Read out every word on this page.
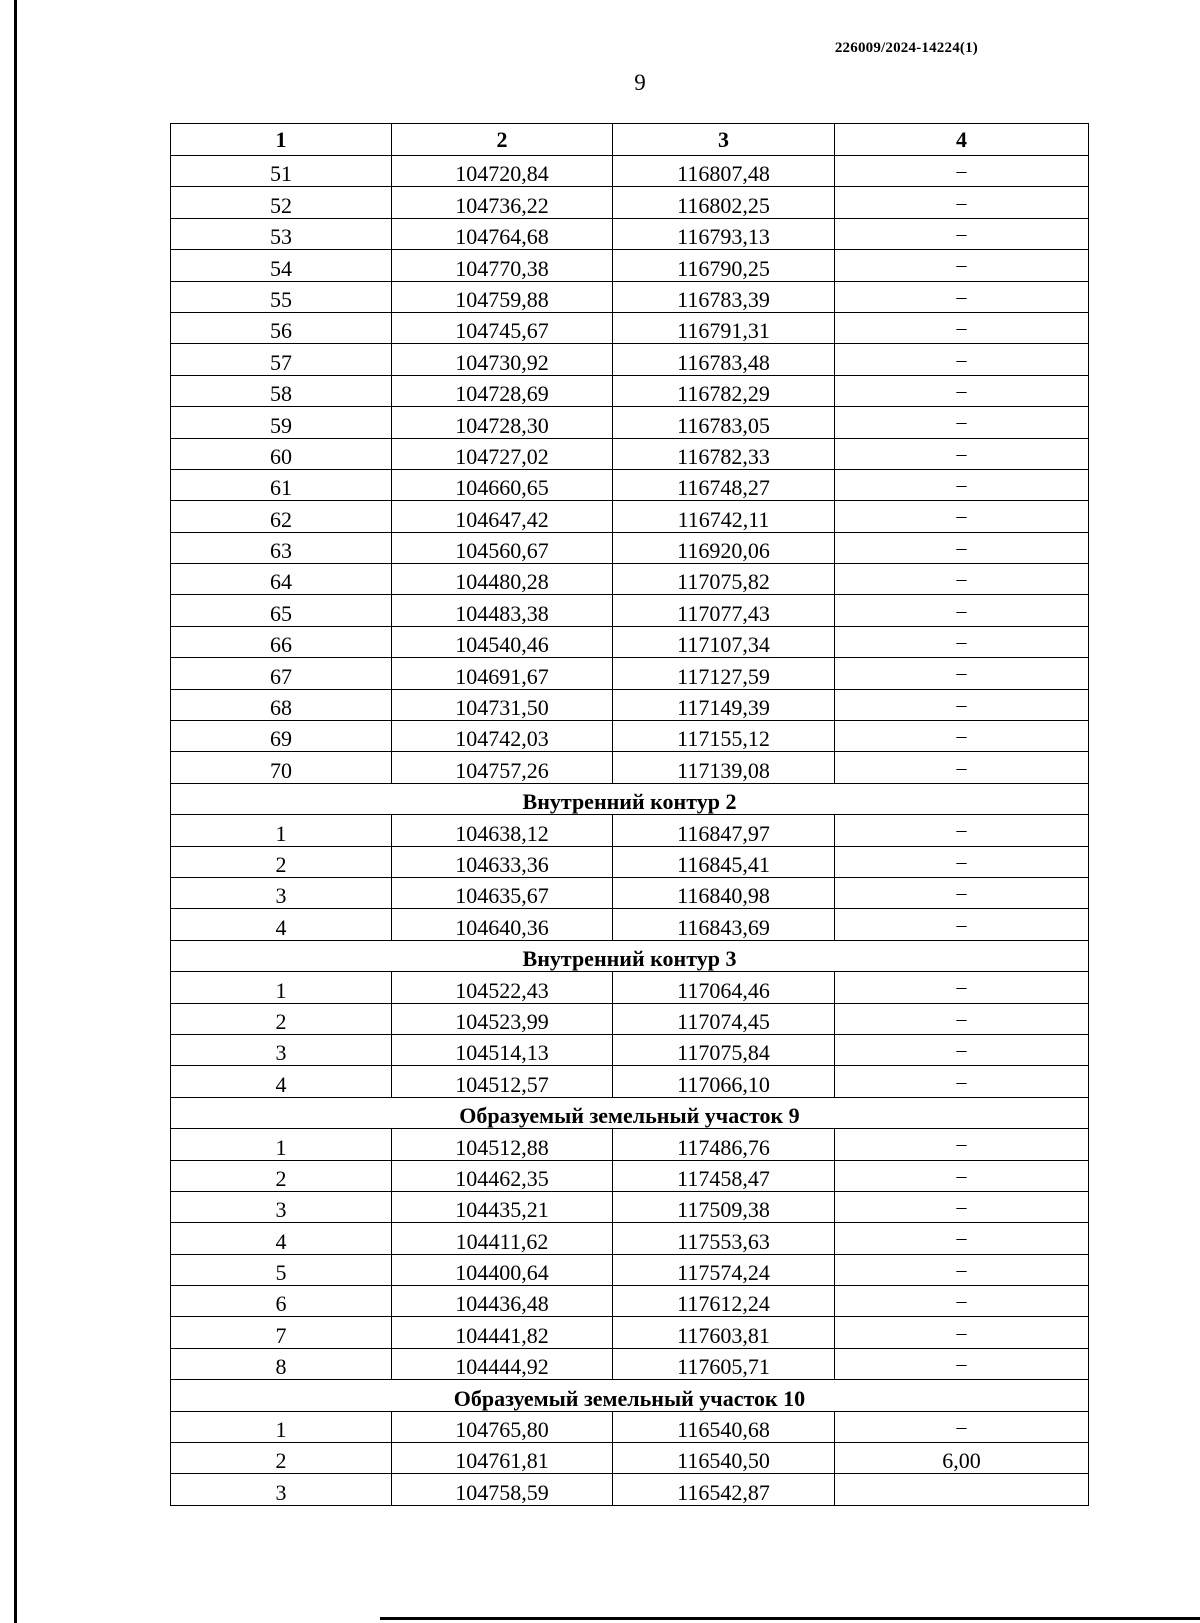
226009/2024-14224(1)
9
1	2	3	4
51	104720,84	116807,48	–
52	104736,22	116802,25	–
53	104764,68	116793,13	–
54	104770,38	116790,25	–
55	104759,88	116783,39	–
56	104745,67	116791,31	–
57	104730,92	116783,48	–
58	104728,69	116782,29	–
59	104728,30	116783,05	–
60	104727,02	116782,33	–
61	104660,65	116748,27	–
62	104647,42	116742,11	–
63	104560,67	116920,06	–
64	104480,28	117075,82	–
65	104483,38	117077,43	–
66	104540,46	117107,34	–
67	104691,67	117127,59	–
68	104731,50	117149,39	–
69	104742,03	117155,12	–
70	104757,26	117139,08	–
Внутренний контур 2			
1	104638,12	116847,97	–
2	104633,36	116845,41	–
3	104635,67	116840,98	–
4	104640,36	116843,69	–
Внутренний контур 3			
1	104522,43	117064,46	–
2	104523,99	117074,45	–
3	104514,13	117075,84	–
4	104512,57	117066,10	–
Образуемый земельный участок 9			
1	104512,88	117486,76	–
2	104462,35	117458,47	–
3	104435,21	117509,38	–
4	104411,62	117553,63	–
5	104400,64	117574,24	–
6	104436,48	117612,24	–
7	104441,82	117603,81	–
8	104444,92	117605,71	–
Образуемый земельный участок 10			
1	104765,80	116540,68	–
2	104761,81	116540,50	6,00
3	104758,59	116542,87	
